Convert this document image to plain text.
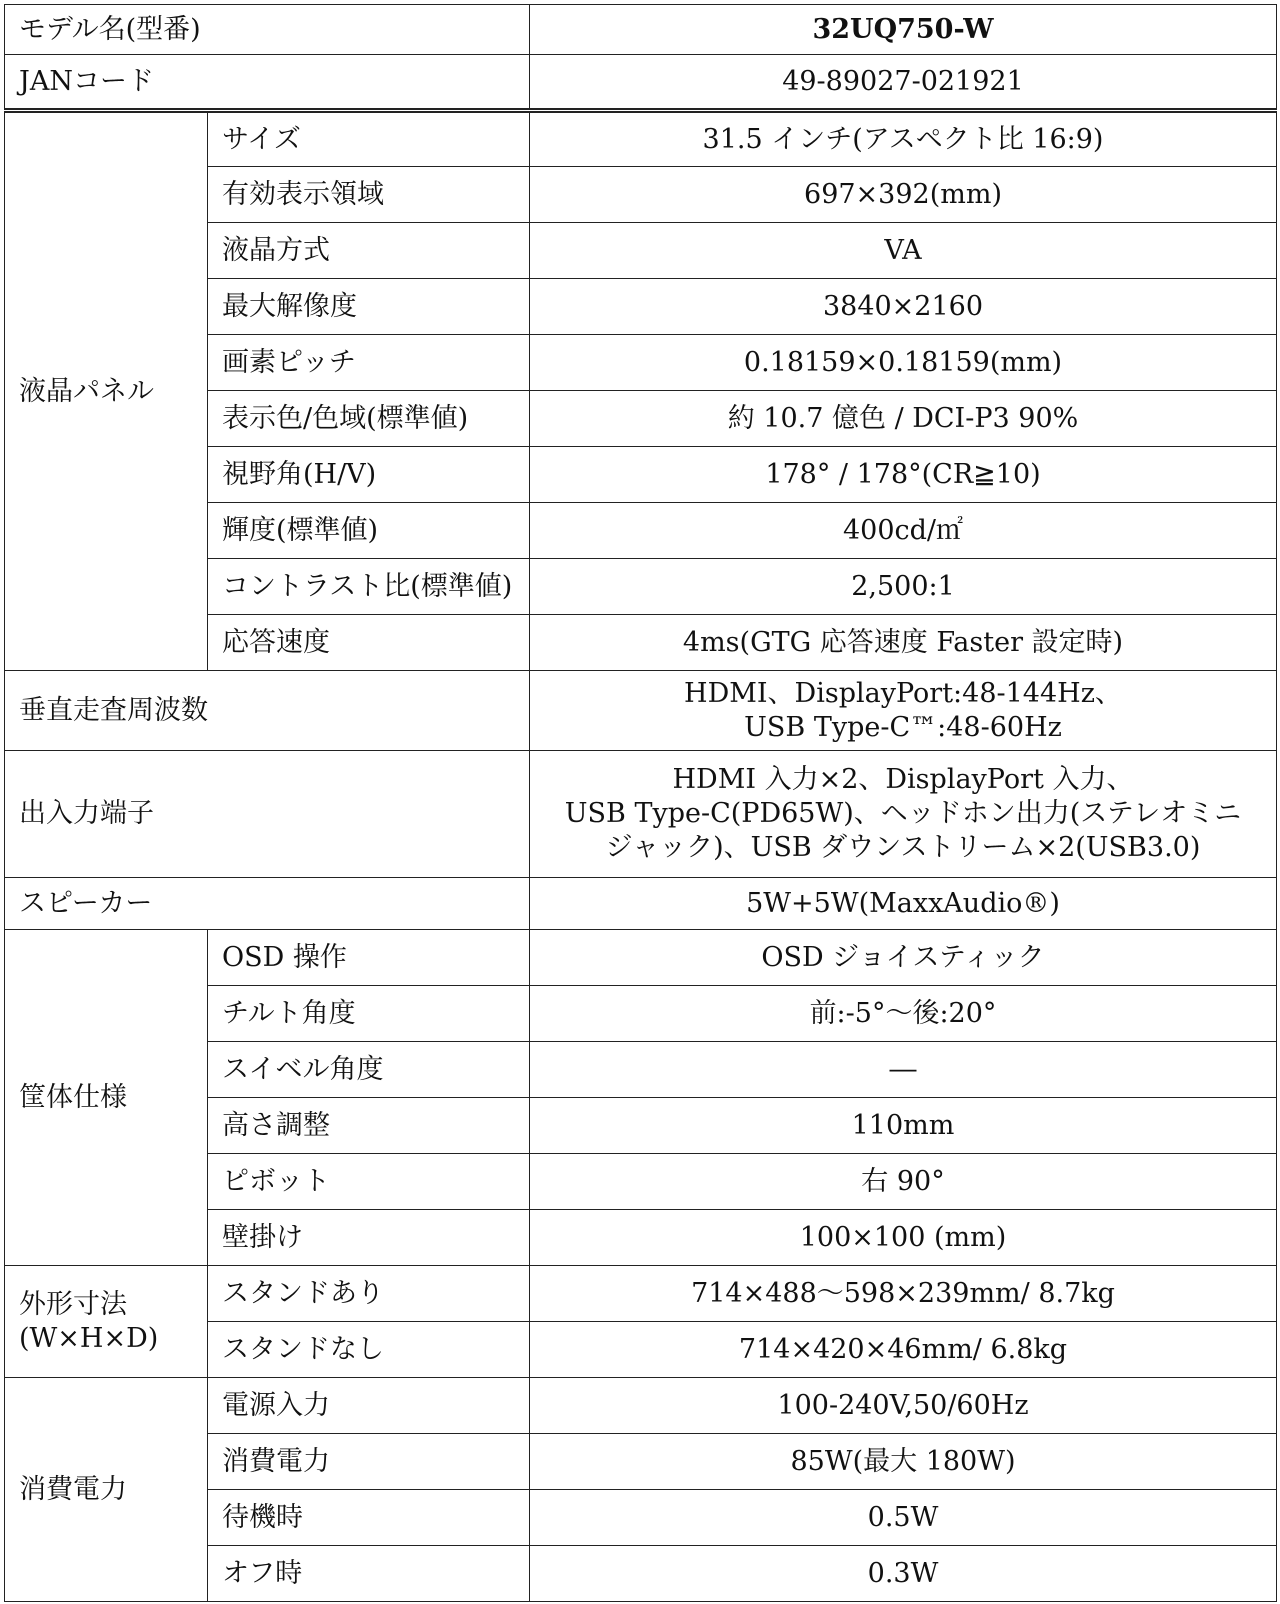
モデル名(型番)		32UQ750-W
JANコード		49-89027-021921
液晶パネル	サイズ	31.5 インチ(アスペクト比 16:9)
	有効表示領域	697×392(mm)
	液晶方式	VA
	最大解像度	3840×2160
	画素ピッチ	0.18159×0.18159(mm)
	表示色/色域(標準値)	約 10.7 億色 / DCI-P3 90%
	視野角(H/V)	178° / 178°(CR≧10)
	輝度(標準値)	400cd/㎡
	コントラスト比(標準値)	2,500:1
	応答速度	4ms(GTG 応答速度 Faster 設定時)
垂直走査周波数		HDMI、DisplayPort:48-144Hz、
USB Type-C™:48-60Hz

出入力端子		HDMI 入力×2、DisplayPort 入力、
USB Type-C(PD65W)、ヘッドホン出力(ステレオミニ
ジャック)、USB ダウンストリーム×2(USB3.0)

スピーカー		5W+5W(MaxxAudio®)
筐体仕様	OSD 操作	OSD ジョイスティック
	チルト角度	前:-5°〜後:20°
	スイベル角度	―
	高さ調整	110mm
	ピボット	右 90°
	壁掛け	100×100 (mm)

外形寸法
(W×H×D)	スタンドあり	714×488〜598×239mm/ 8.7kg
	スタンドなし	714×420×46mm/ 6.8kg
消費電力	電源入力	100-240V,50/60Hz
	消費電力	85W(最大 180W)
	待機時	0.5W
	オフ時	0.3W
